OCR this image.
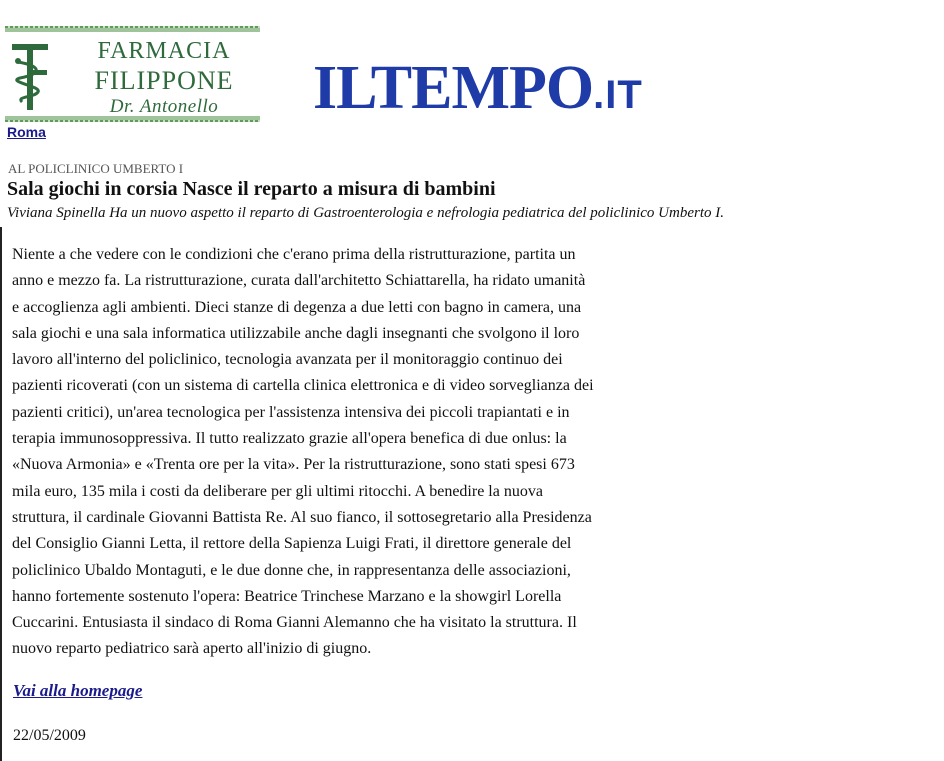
FARMACIA
FILIPPONE
Dr. Antonello	ILTEMPO.IT
Roma
AL POLICLINICO UMBERTO I
Sala giochi in corsia Nasce il reparto a misura di bambini
Viviana Spinella Ha un nuovo aspetto il reparto di Gastroenterologia e nefrologia pediatrica del policlinico Umberto I.
Niente a che vedere con le condizioni che c'erano prima della ristrutturazione, partita un
anno e mezzo fa. La ristrutturazione, curata dall'architetto Schiattarella, ha ridato umanità
e accoglienza agli ambienti. Dieci stanze di degenza a due letti con bagno in camera, una
sala giochi e una sala informatica utilizzabile anche dagli insegnanti che svolgono il loro
lavoro all'interno del policlinico, tecnologia avanzata per il monitoraggio continuo dei
pazienti ricoverati (con un sistema di cartella clinica elettronica e di video sorveglianza dei
pazienti critici), un'area tecnologica per l'assistenza intensiva dei piccoli trapiantati e in
terapia immunosoppressiva. Il tutto realizzato grazie all'opera benefica di due onlus: la
«Nuova Armonia» e «Trenta ore per la vita». Per la ristrutturazione, sono stati spesi 673
mila euro, 135 mila i costi da deliberare per gli ultimi ritocchi. A benedire la nuova
struttura, il cardinale Giovanni Battista Re. Al suo fianco, il sottosegretario alla Presidenza
del Consiglio Gianni Letta, il rettore della Sapienza Luigi Frati, il direttore generale del
policlinico Ubaldo Montaguti, e le due donne che, in rappresentanza delle associazioni,
hanno fortemente sostenuto l'opera: Beatrice Trinchese Marzano e la showgirl Lorella
Cuccarini. Entusiasta il sindaco di Roma Gianni Alemanno che ha visitato la struttura. Il
nuovo reparto pediatrico sarà aperto all'inizio di giugno.
Vai alla homepage
22/05/2009
